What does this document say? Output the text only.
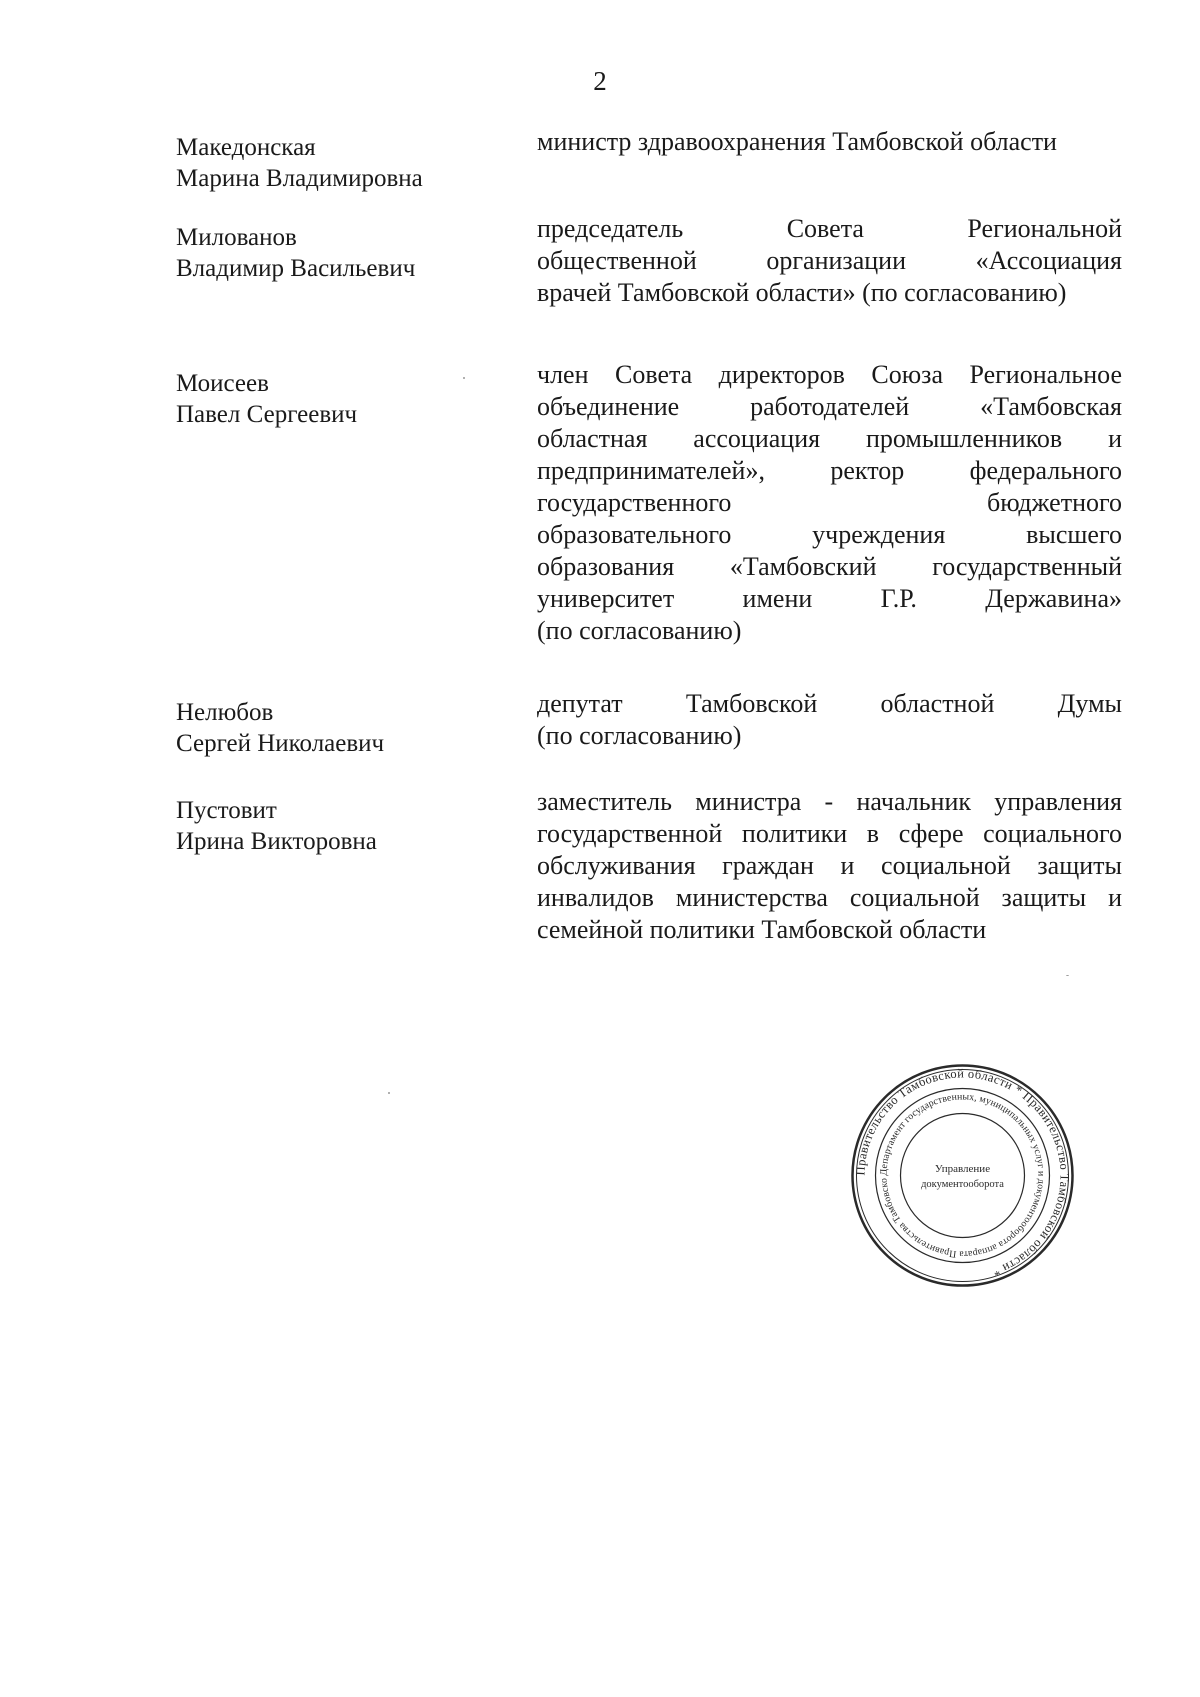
2
Македонская
Марина Владимировна
министр здравоохранения Тамбовской области
Милованов
Владимир Васильевич
председатель Совета Региональной
общественной организации «Ассоциация
врачей Тамбовской области» (по согласованию)
Моисеев
Павел Сергеевич
член Совета директоров Союза Региональное
объединение работодателей «Тамбовская
областная ассоциация промышленников и
предпринимателей», ректор федерального
государственного бюджетного
образовательного учреждения высшего
образования «Тамбовский государственный
университет имени Г.Р. Державина»
(по согласованию)
Нелюбов
Сергей Николаевич
депутат Тамбовской областной Думы
(по согласованию)
Пустовит
Ирина Викторовна
заместитель министра - начальник управления
государственной политики в сфере социального
обслуживания граждан и социальной защиты
инвалидов министерства социальной защиты и
семейной политики Тамбовской области
Правительство Тамбовской области * Правительство Тамбовской области *
Департамент государственных, муниципальных услуг и документооборота аппарата Правительства Тамбовско
Управление
документооборота
